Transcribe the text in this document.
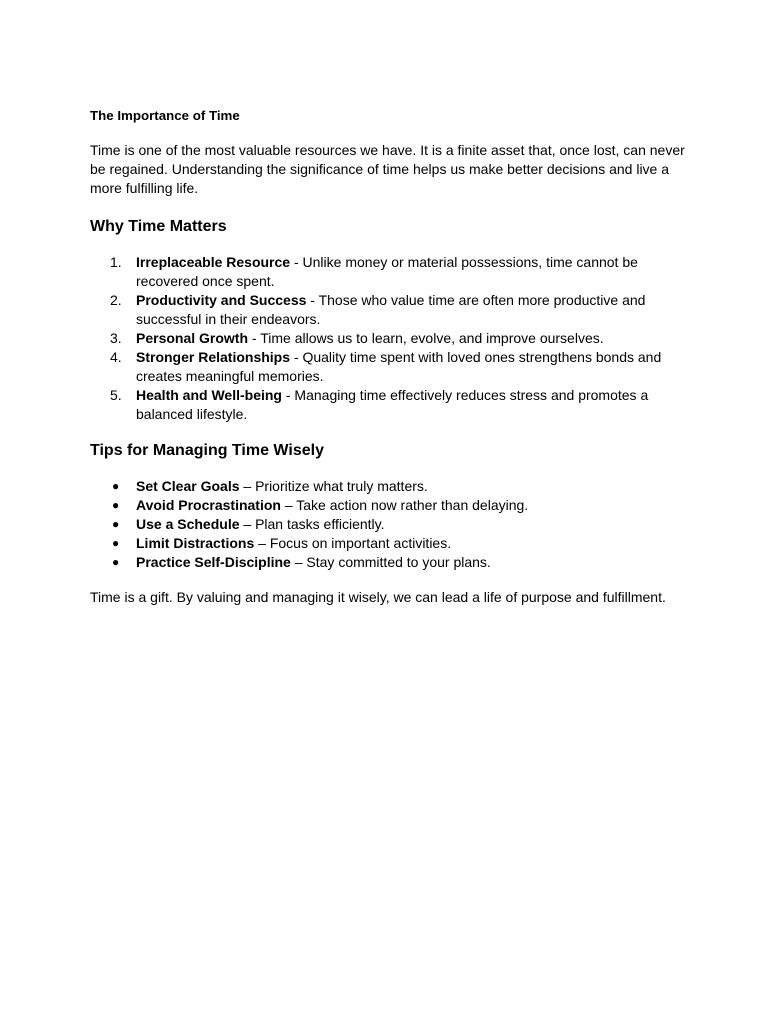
The Importance of Time

Time is one of the most valuable resources we have. It is a finite asset that, once lost, can never be regained. Understanding the significance of time helps us make better decisions and live a more fulfilling life.

Why Time Matters
1.	Irreplaceable Resource - Unlike money or material possessions, time cannot be recovered once spent.
2.	Productivity and Success - Those who value time are often more productive and successful in their endeavors.
3.	Personal Growth - Time allows us to learn, evolve, and improve ourselves.
4.	Stronger Relationships - Quality time spent with loved ones strengthens bonds and creates meaningful memories.
5.	Health and Well-being - Managing time effectively reduces stress and promotes a balanced lifestyle.
Tips for Managing Time Wisely
●	Set Clear Goals – Prioritize what truly matters.
●	Avoid Procrastination – Take action now rather than delaying.
●	Use a Schedule – Plan tasks efficiently.
●	Limit Distractions – Focus on important activities.
●	Practice Self-Discipline – Stay committed to your plans.

Time is a gift. By valuing and managing it wisely, we can lead a life of purpose and fulfillment.
